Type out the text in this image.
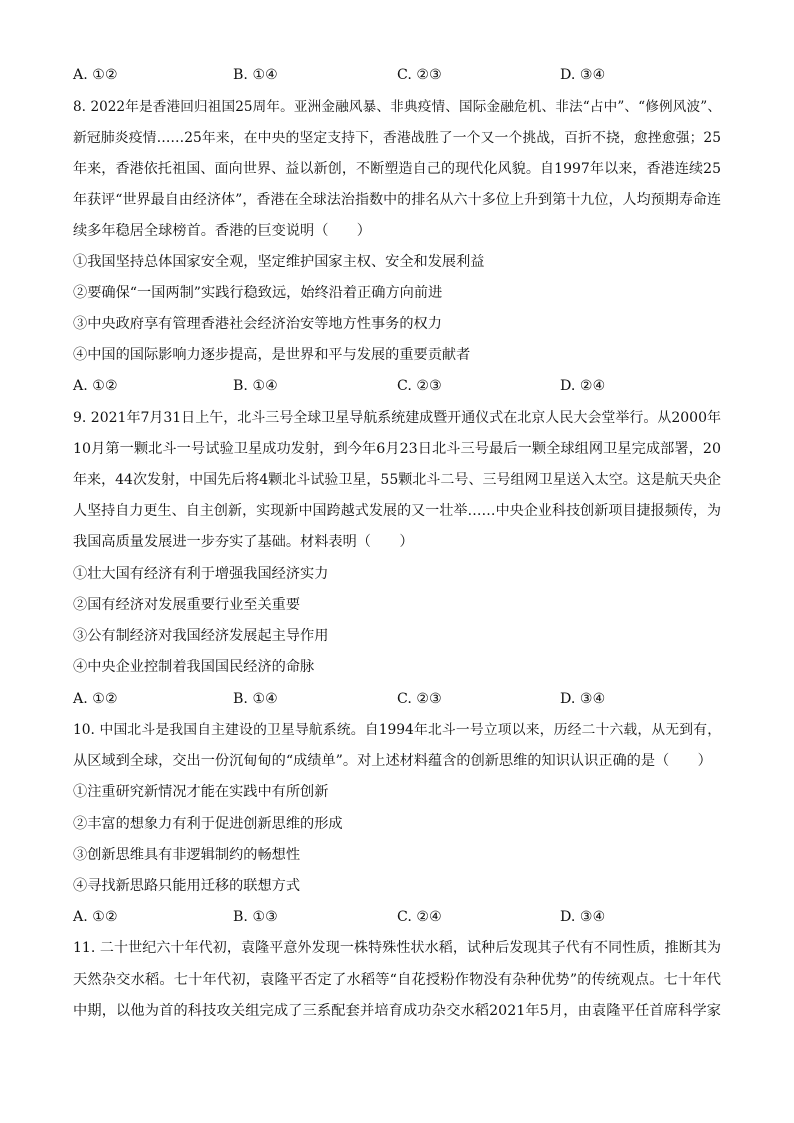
A. ①②	B. ①④	C. ②③	D. ③④
8. 2022年是香港回归祖国25周年。亚洲金融风暴、非典疫情、国际金融危机、非法“占中”、“修例风波”、
新冠肺炎疫情……25年来，在中央的坚定支持下，香港战胜了一个又一个挑战，百折不挠，愈挫愈强；25
年来，香港依托祖国、面向世界、益以新创，不断塑造自己的现代化风貌。自1997年以来，香港连续25
年获评“世界最自由经济体”，香港在全球法治指数中的排名从六十多位上升到第十九位，人均预期寿命连
续多年稳居全球榜首。香港的巨变说明（　　）
①我国坚持总体国家安全观，坚定维护国家主权、安全和发展利益
②要确保“一国两制”实践行稳致远，始终沿着正确方向前进
③中央政府享有管理香港社会经济治安等地方性事务的权力
④中国的国际影响力逐步提高，是世界和平与发展的重要贡献者
A. ①②	B. ①④	C. ②③	D. ②④
9. 2021年7月31日上午，北斗三号全球卫星导航系统建成暨开通仪式在北京人民大会堂举行。从2000年
10月第一颗北斗一号试验卫星成功发射，到今年6月23日北斗三号最后一颗全球组网卫星完成部署，20
年来，44次发射，中国先后将4颗北斗试验卫星，55颗北斗二号、三号组网卫星送入太空。这是航天央企
人坚持自力更生、自主创新，实现新中国跨越式发展的又一壮举……中央企业科技创新项目捷报频传，为
我国高质量发展进一步夯实了基础。材料表明（　　）
①壮大国有经济有利于增强我国经济实力
②国有经济对发展重要行业至关重要
③公有制经济对我国经济发展起主导作用
④中央企业控制着我国国民经济的命脉
A. ①②	B. ①④	C. ②③	D. ③④
10. 中国北斗是我国自主建设的卫星导航系统。自1994年北斗一号立项以来，历经二十六载，从无到有，
从区域到全球，交出一份沉甸甸的“成绩单”。对上述材料蕴含的创新思维的知识认识正确的是（　　）
①注重研究新情况才能在实践中有所创新
②丰富的想象力有利于促进创新思维的形成
③创新思维具有非逻辑制约的畅想性
④寻找新思路只能用迁移的联想方式
A. ①②	B. ①③	C. ②④	D. ③④
11. 二十世纪六十年代初，袁隆平意外发现一株特殊性状水稻，试种后发现其子代有不同性质，推断其为
天然杂交水稻。七十年代初，袁隆平否定了水稻等“自花授粉作物没有杂种优势”的传统观点。七十年代
中期，以他为首的科技攻关组完成了三系配套并培育成功杂交水稻2021年5月，由袁隆平任首席科学家
